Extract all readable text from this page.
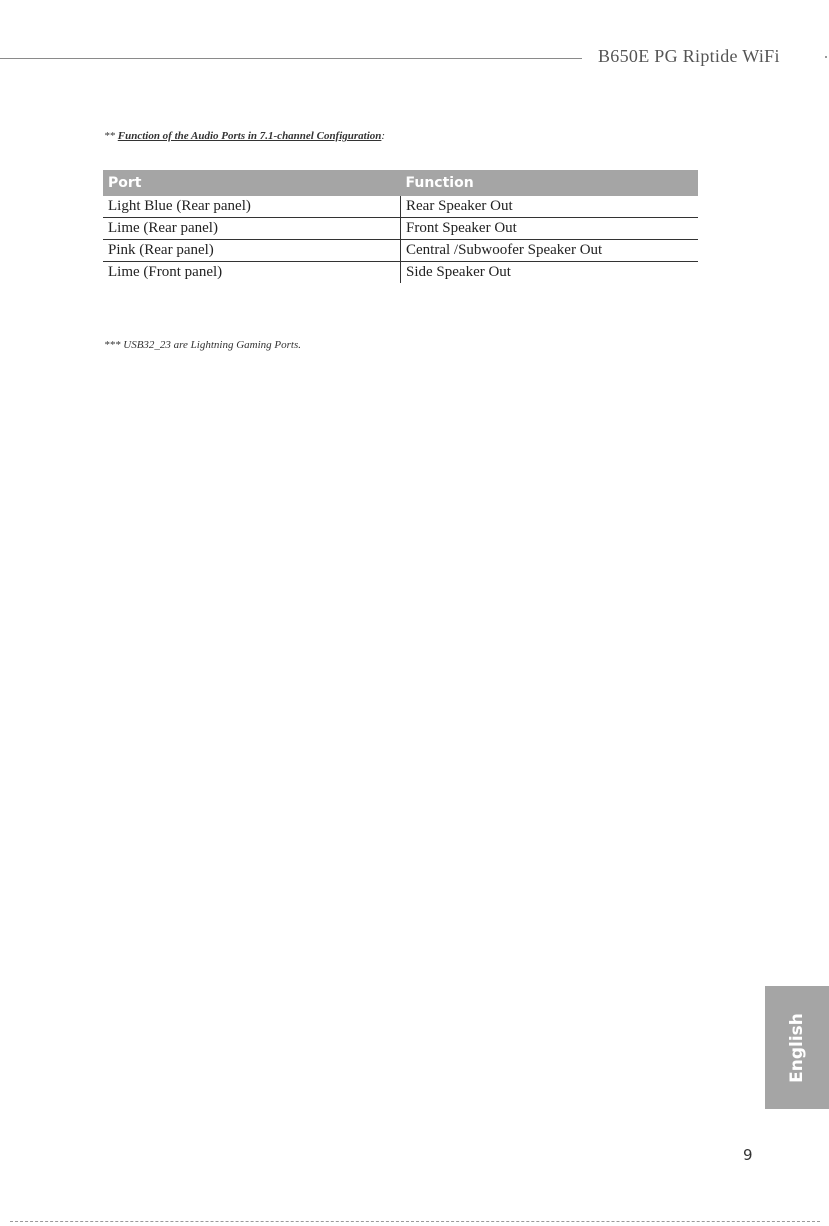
B650E PG Riptide WiFi
** Function of the Audio Ports in 7.1-channel Configuration:
Port	Function
Light Blue (Rear panel)	Rear Speaker Out
Lime (Rear panel)	Front Speaker Out
Pink (Rear panel)	Central /Subwoofer Speaker Out
Lime (Front panel)	Side Speaker Out
*** USB32_23 are Lightning Gaming Ports.
English
9
